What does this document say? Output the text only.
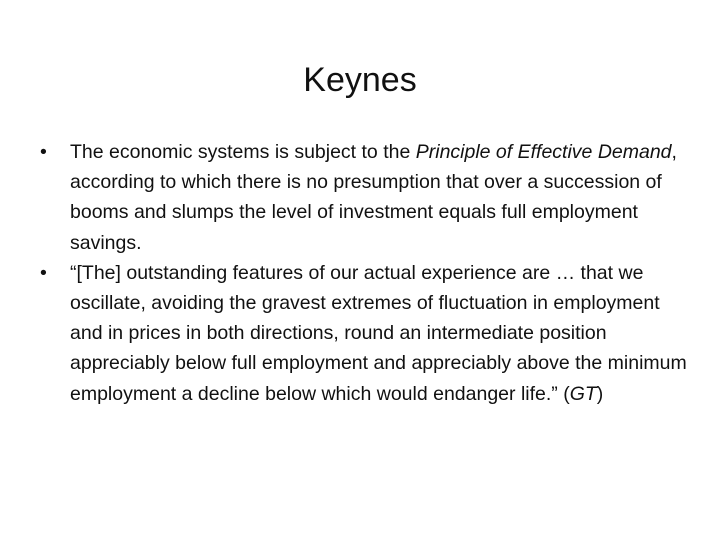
Keynes
•	The economic systems is subject to the Principle of Effective Demand, according to which there is no presumption that over a succession of booms and slumps the level of investment equals full employment savings.
•	“[The] outstanding features of our actual experience are … that we oscillate, avoiding the gravest extremes of fluctuation in employment and in prices in both directions, round an intermediate position appreciably below full employment and appreciably above the minimum employment a decline below which would endanger life.” (GT)
